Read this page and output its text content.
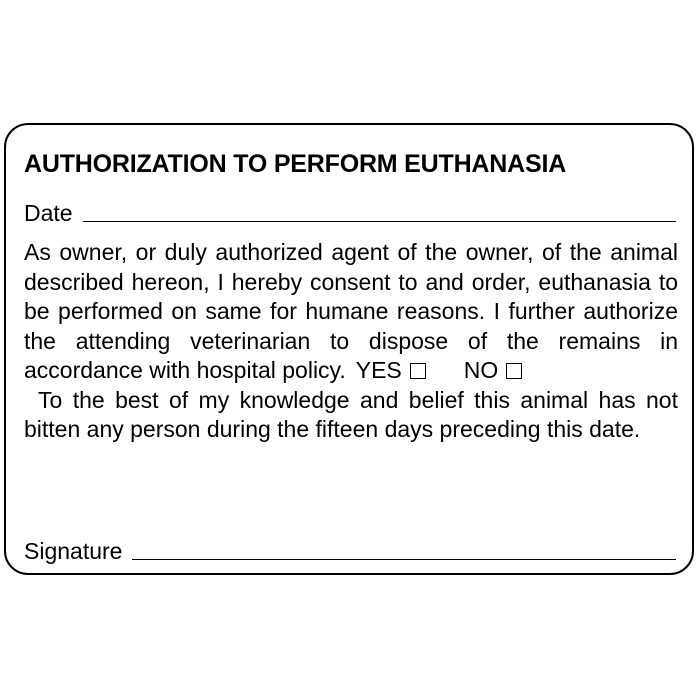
AUTHORIZATION TO PERFORM EUTHANASIA
Date

As owner, or duly authorized agent of the owner, of the animal described hereon, I hereby consent to and order, euthanasia to be performed on same for humane reasons. I further authorize the attending veterinarian to dispose of the remains in accordance with hospital policy. YES	NO

To the best of my knowledge and belief this animal has not bitten any person during the fifteen days preceding this date.

Signature
